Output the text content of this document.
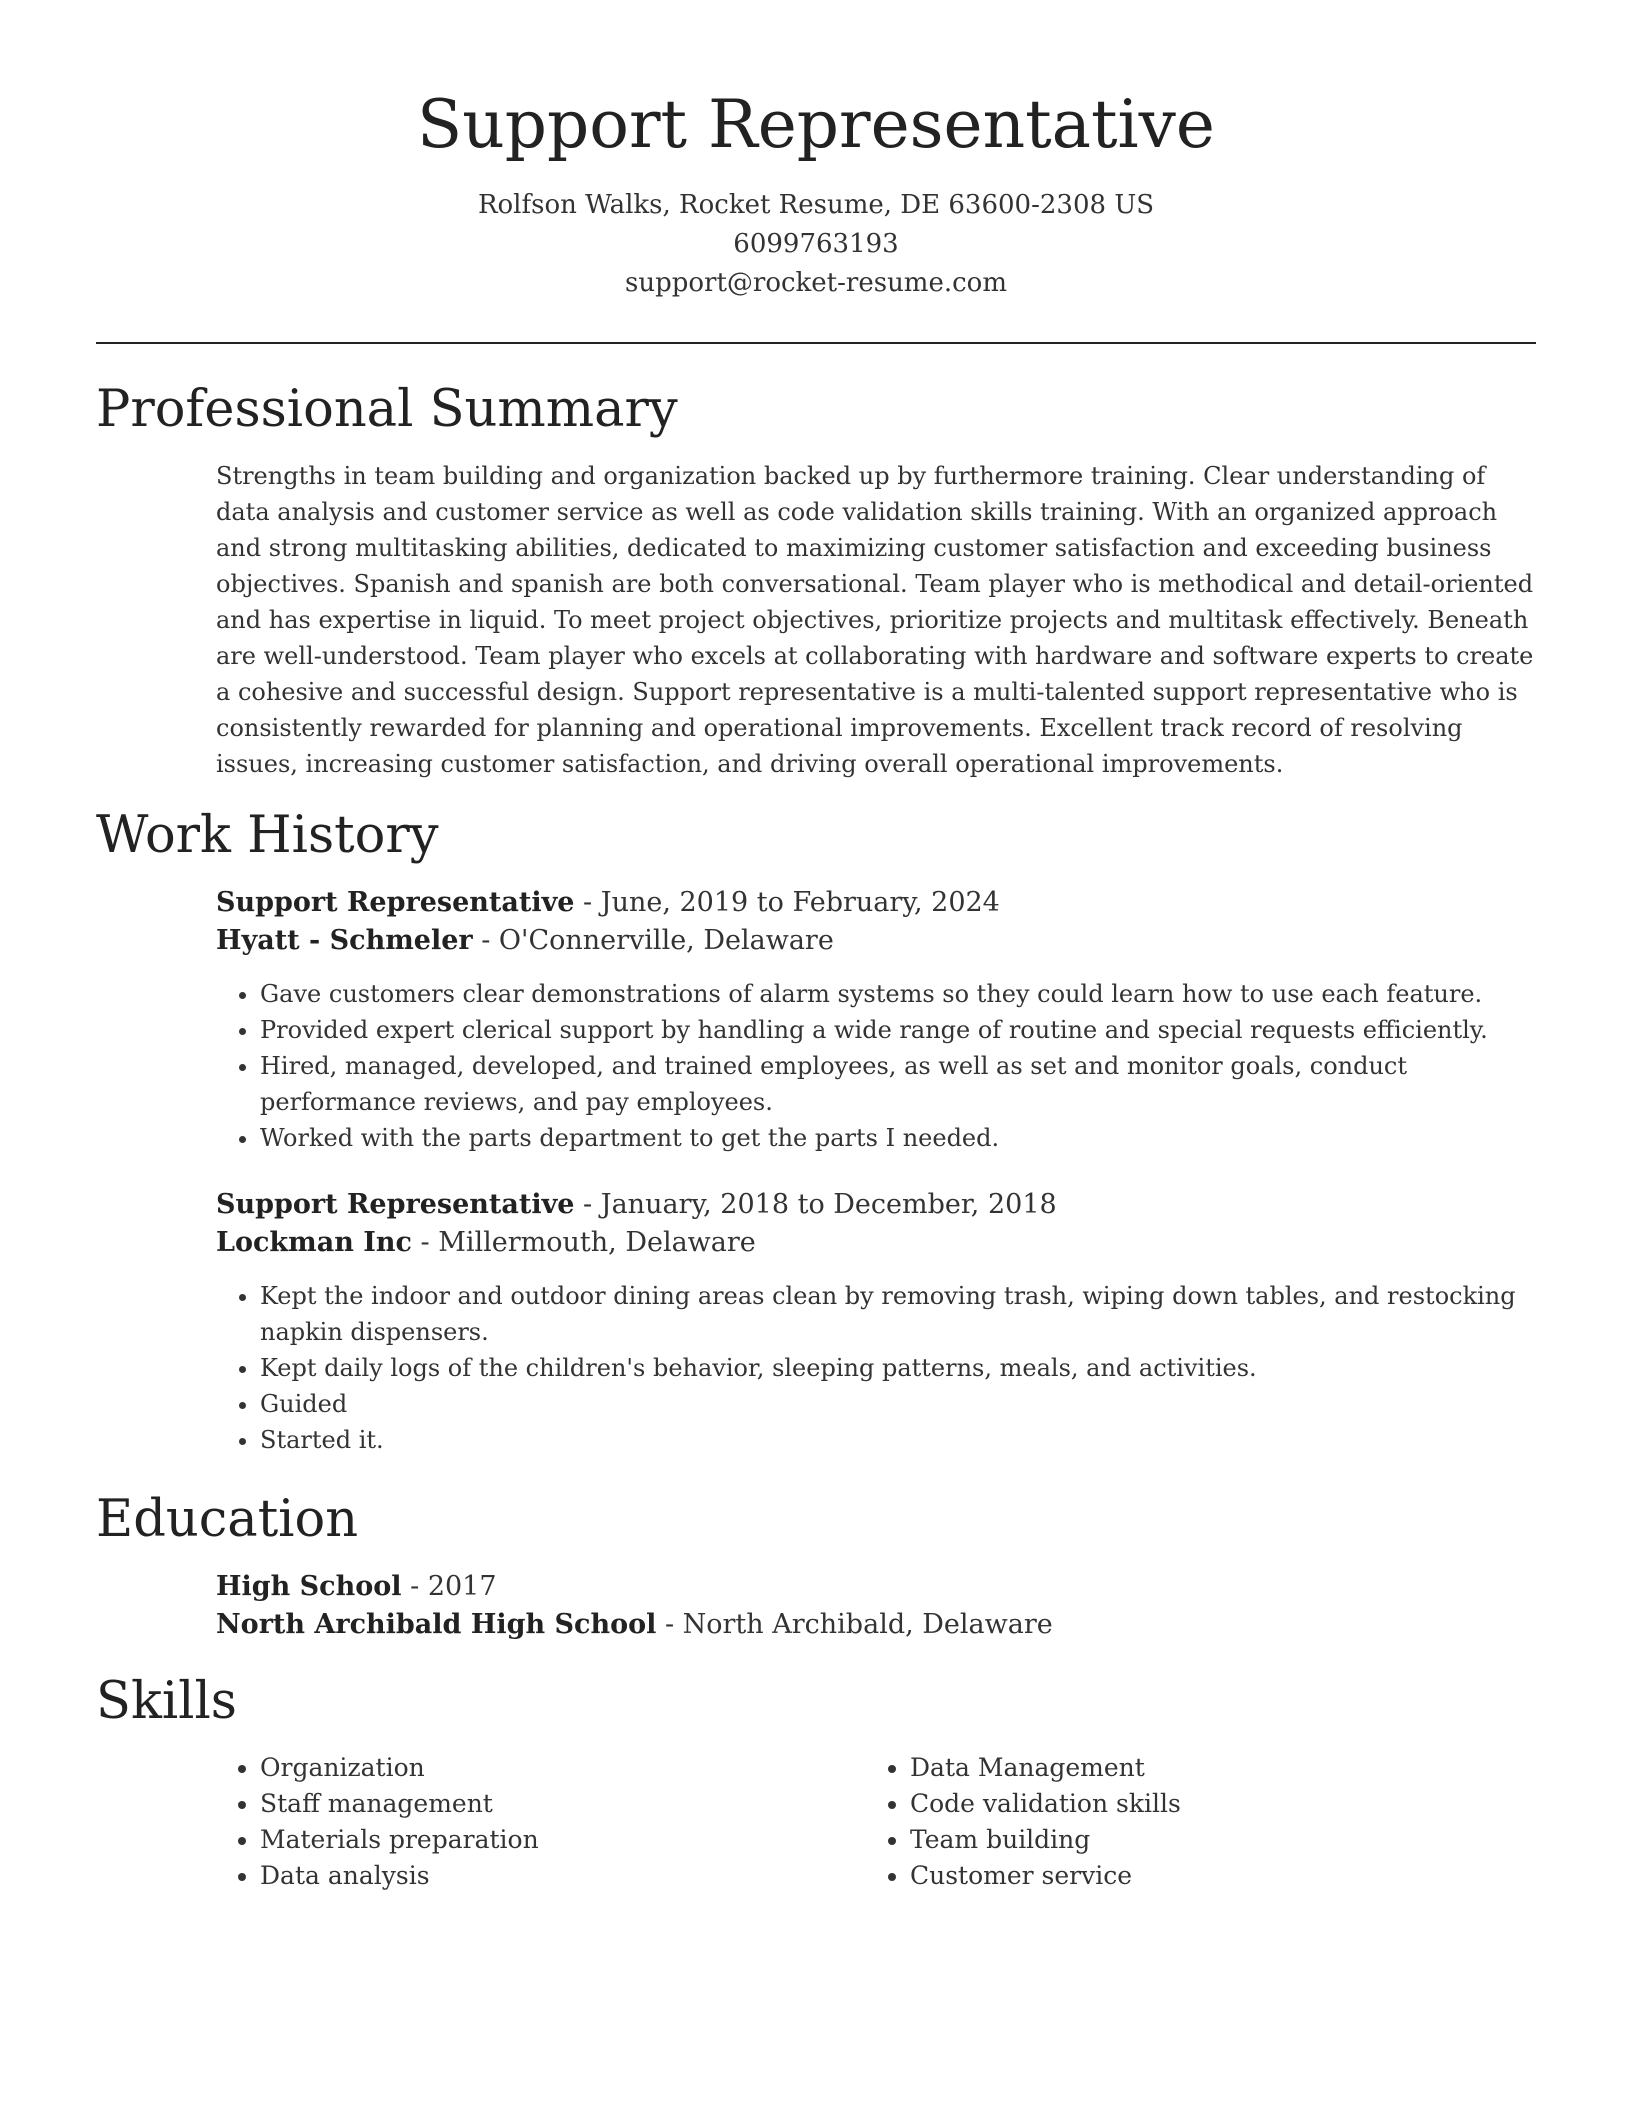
Support Representative
Rolfson Walks, Rocket Resume, DE 63600-2308 US
6099763193
support@rocket-resume.com
Professional Summary

Strengths in team building and organization backed up by furthermore training. Clear understanding of data analysis and customer service as well as code validation skills training. With an organized approach and strong multitasking abilities, dedicated to maximizing customer satisfaction and exceeding business objectives. Spanish and spanish are both conversational. Team player who is methodical and detail-oriented and has expertise in liquid. To meet project objectives, prioritize projects and multitask effectively. Beneath are well-understood. Team player who excels at collaborating with hardware and software experts to create a cohesive and successful design. Support representative is a multi-talented support representative who is consistently rewarded for planning and operational improvements. Excellent track record of resolving issues, increasing customer satisfaction, and driving overall operational improvements.

Work History
Support Representative - June, 2019 to February, 2024
Hyatt - Schmeler - O'Connerville, Delaware
• Gave customers clear demonstrations of alarm systems so they could learn how to use each feature.
• Provided expert clerical support by handling a wide range of routine and special requests efficiently.
• Hired, managed, developed, and trained employees, as well as set and monitor goals, conduct performance reviews, and pay employees.
• Worked with the parts department to get the parts I needed.
Support Representative - January, 2018 to December, 2018
Lockman Inc - Millermouth, Delaware
• Kept the indoor and outdoor dining areas clean by removing trash, wiping down tables, and restocking napkin dispensers.
• Kept daily logs of the children's behavior, sleeping patterns, meals, and activities.
• Guided
• Started it.
Education
High School - 2017
North Archibald High School - North Archibald, Delaware
Skills
• Organization
• Staff management
• Materials preparation
• Data analysis
• Data Management
• Code validation skills
• Team building
• Customer service
